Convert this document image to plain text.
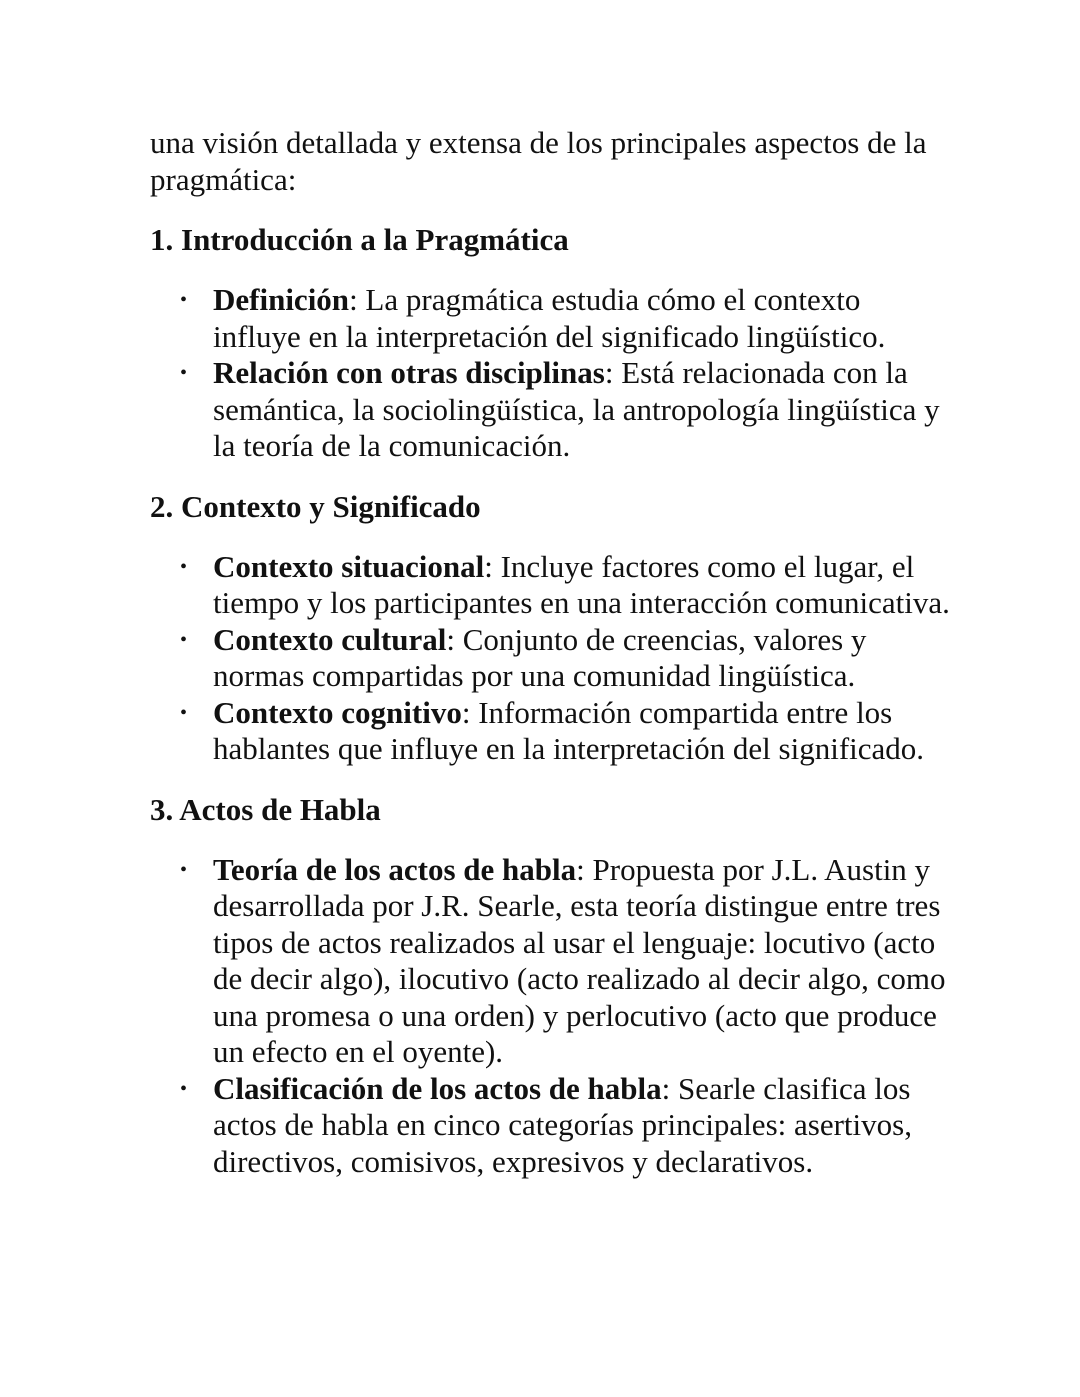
una visión detallada y extensa de los principales aspectos de la pragmática:

1. Introducción a la Pragmática
• Definición: La pragmática estudia cómo el contexto influye en la interpretación del significado lingüístico.
• Relación con otras disciplinas: Está relacionada con la semántica, la sociolingüística, la antropología lingüística y la teoría de la comunicación.
2. Contexto y Significado
• Contexto situacional: Incluye factores como el lugar, el tiempo y los participantes en una interacción comunicativa.
• Contexto cultural: Conjunto de creencias, valores y normas compartidas por una comunidad lingüística.
• Contexto cognitivo: Información compartida entre los hablantes que influye en la interpretación del significado.
3. Actos de Habla
• Teoría de los actos de habla: Propuesta por J.L. Austin y desarrollada por J.R. Searle, esta teoría distingue entre tres tipos de actos realizados al usar el lenguaje: locutivo (acto de decir algo), ilocutivo (acto realizado al decir algo, como una promesa o una orden) y perlocutivo (acto que produce un efecto en el oyente).
• Clasificación de los actos de habla: Searle clasifica los actos de habla en cinco categorías principales: asertivos, directivos, comisivos, expresivos y declarativos.
